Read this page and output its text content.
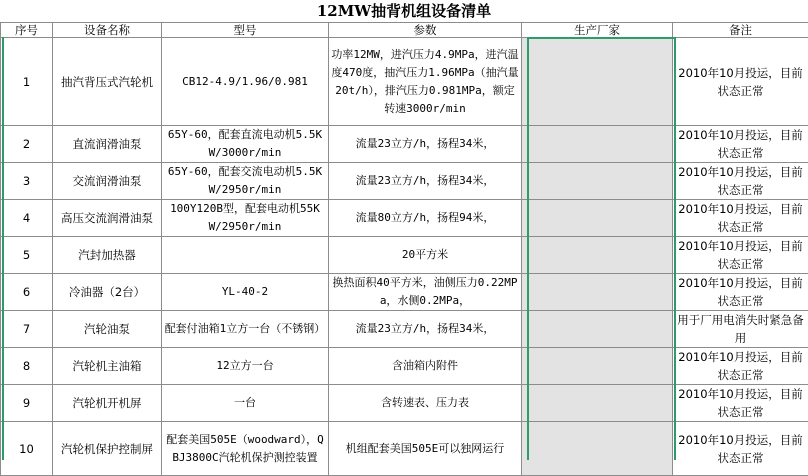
12MW抽背机组设备清单
序号	设备名称	型号	参数	生产厂家	备注
1	抽汽背压式汽轮机	CB12-4.9/1.96/0.981	功率12MW，进汽压力4.9MPa，进汽温度470度，抽汽压力1.96MPa（抽汽量20t/h），排汽压力0.981MPa，额定转速3000r/min		2010年10月投运，目前状态正常
2	直流润滑油泵	65Y-60，配套直流电动机5.5KW/3000r/min	流量23立方/h，扬程34米，		2010年10月投运，目前状态正常
3	交流润滑油泵	65Y-60，配套交流电动机5.5KW/2950r/min	流量23立方/h，扬程34米，		2010年10月投运，目前状态正常
4	高压交流润滑油泵	100Y120B型，配套电动机55KW/2950r/min	流量80立方/h，扬程94米，		2010年10月投运，目前状态正常
5	汽封加热器		20平方米		2010年10月投运，目前状态正常
6	冷油器（2台）	YL-40-2	换热面积40平方米，油侧压力0.22MPa，水侧0.2MPa，		2010年10月投运，目前状态正常
7	汽轮油泵	配套付油箱1立方一台（不锈钢）	流量23立方/h，扬程34米，		用于厂用电消失时紧急备用
8	汽轮机主油箱	12立方一台	含油箱内附件		2010年10月投运，目前状态正常
9	汽轮机开机屏	一台	含转速表、压力表		2010年10月投运，目前状态正常
10	汽轮机保护控制屏	配套美国505E（woodward），QBJ3800C汽轮机保护测控装置	机组配套美国505E可以独网运行		2010年10月投运，目前状态正常
